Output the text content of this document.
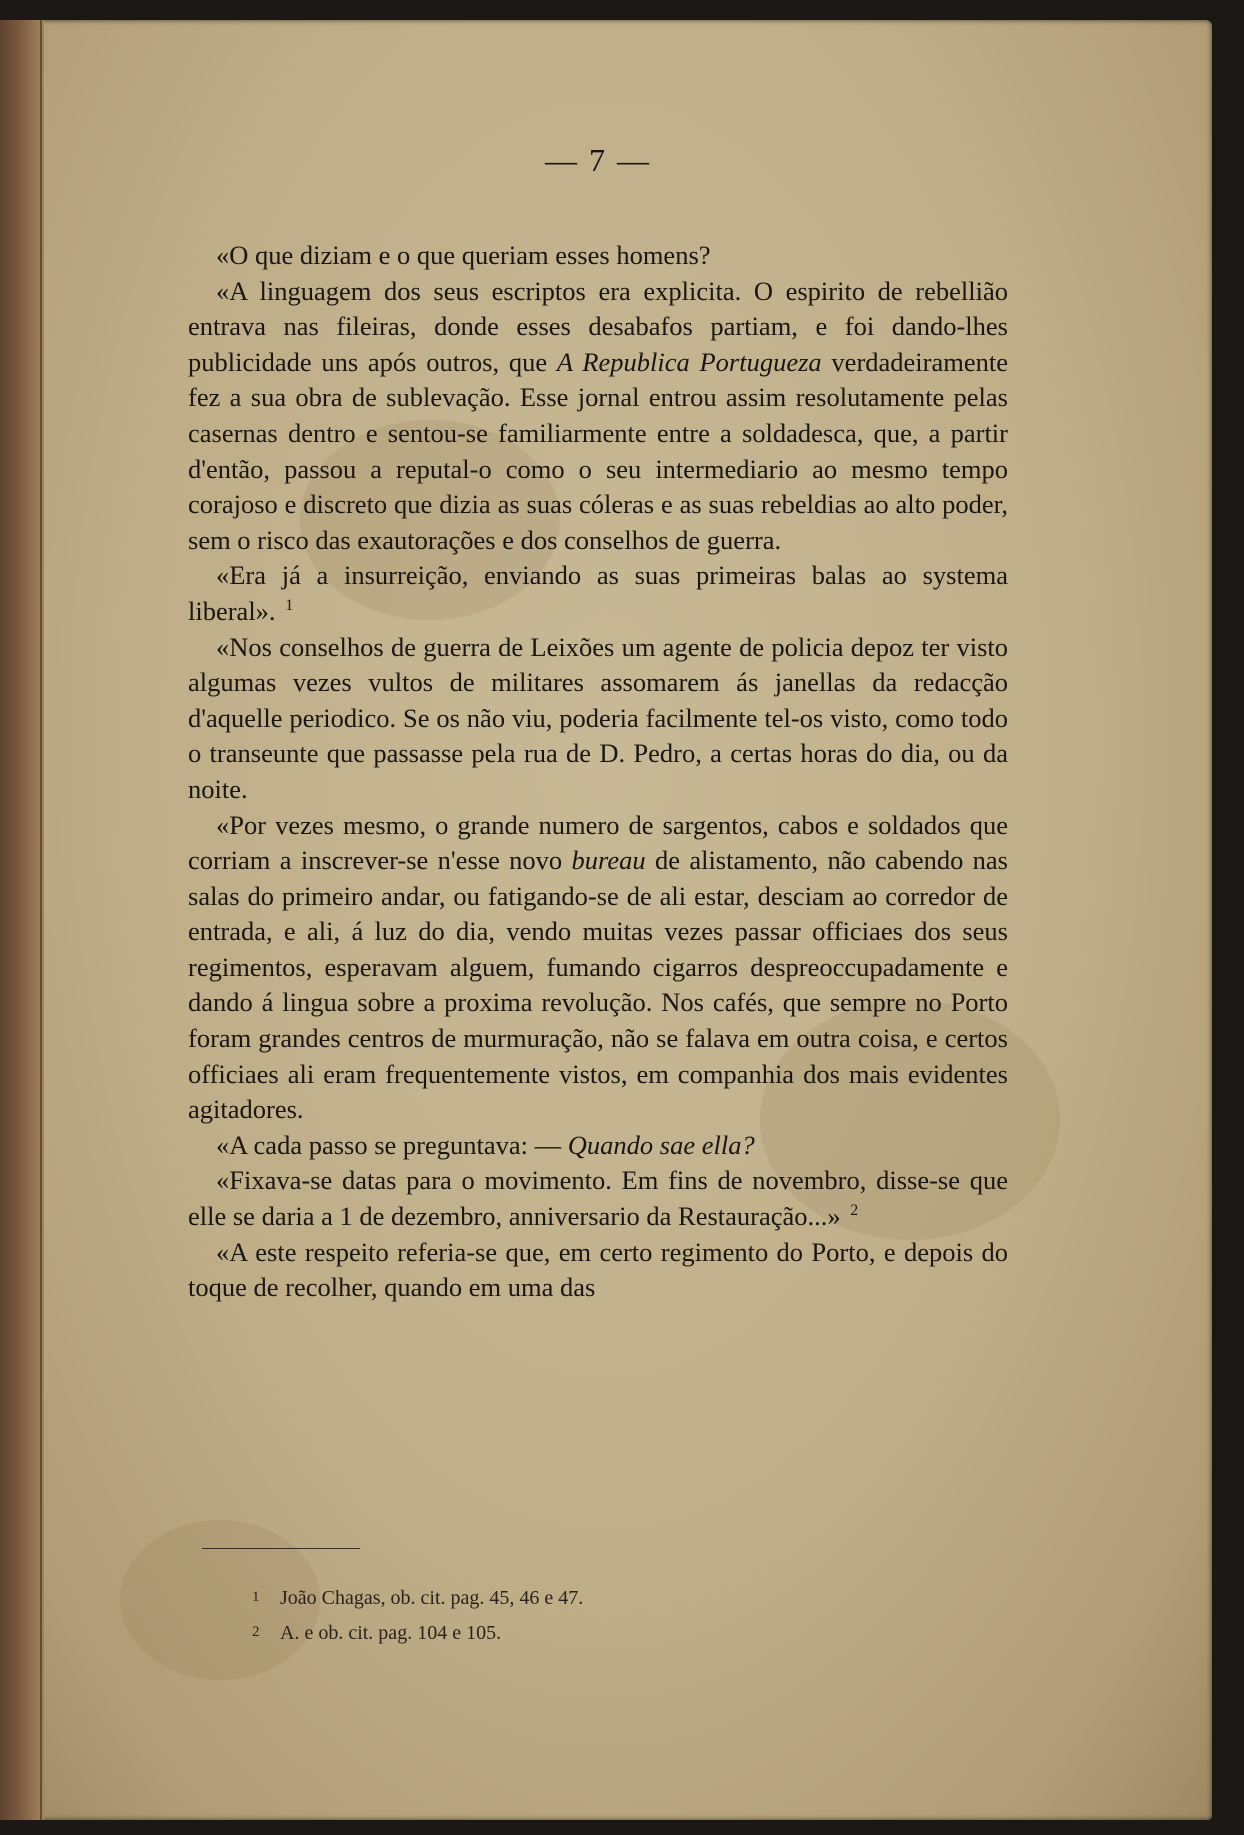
— 7 —

«O que diziam e o que queriam esses homens?

«A linguagem dos seus escriptos era explicita. O espirito de rebellião entrava nas fileiras, donde esses desabafos partiam, e foi dando-lhes publicidade uns após outros, que A Republica Portugueza verdadeiramente fez a sua obra de sublevação. Esse jornal entrou assim resolutamente pelas casernas dentro e sentou-se familiarmente entre a soldadesca, que, a partir d'então, passou a reputal-o como o seu intermediario ao mesmo tempo corajoso e discreto que dizia as suas cóleras e as suas rebeldias ao alto poder, sem o risco das exautorações e dos conselhos de guerra.

«Era já a insurreição, enviando as suas primeiras balas ao systema liberal». $^1$

«Nos conselhos de guerra de Leixões um agente de policia depoz ter visto algumas vezes vultos de militares assomarem ás janellas da redacção d'aquelle periodico. Se os não viu, poderia facilmente tel-os visto, como todo o transeunte que passasse pela rua de D. Pedro, a certas horas do dia, ou da noite.

«Por vezes mesmo, o grande numero de sargentos, cabos e soldados que corriam a inscrever-se n'esse novo bureau de alistamento, não cabendo nas salas do primeiro andar, ou fatigando-se de ali estar, desciam ao corredor de entrada, e ali, á luz do dia, vendo muitas vezes passar officiaes dos seus regimentos, esperavam alguem, fumando cigarros despreoccupadamente e dando á lingua sobre a proxima revolução. Nos cafés, que sempre no Porto foram grandes centros de murmuração, não se falava em outra coisa, e certos officiaes ali eram frequentemente vistos, em companhia dos mais evidentes agitadores.

«A cada passo se preguntava: — Quando sae ella?

«Fixava-se datas para o movimento. Em fins de novembro, disse-se que elle se daria a 1 de dezembro, anniversario da Restauração...» $^2$

«A este respeito referia-se que, em certo regimento do Porto, e depois do toque de recolher, quando em uma das

1 João Chagas, ob. cit. pag. 45, 46 e 47.
2 A. e ob. cit. pag. 104 e 105.
